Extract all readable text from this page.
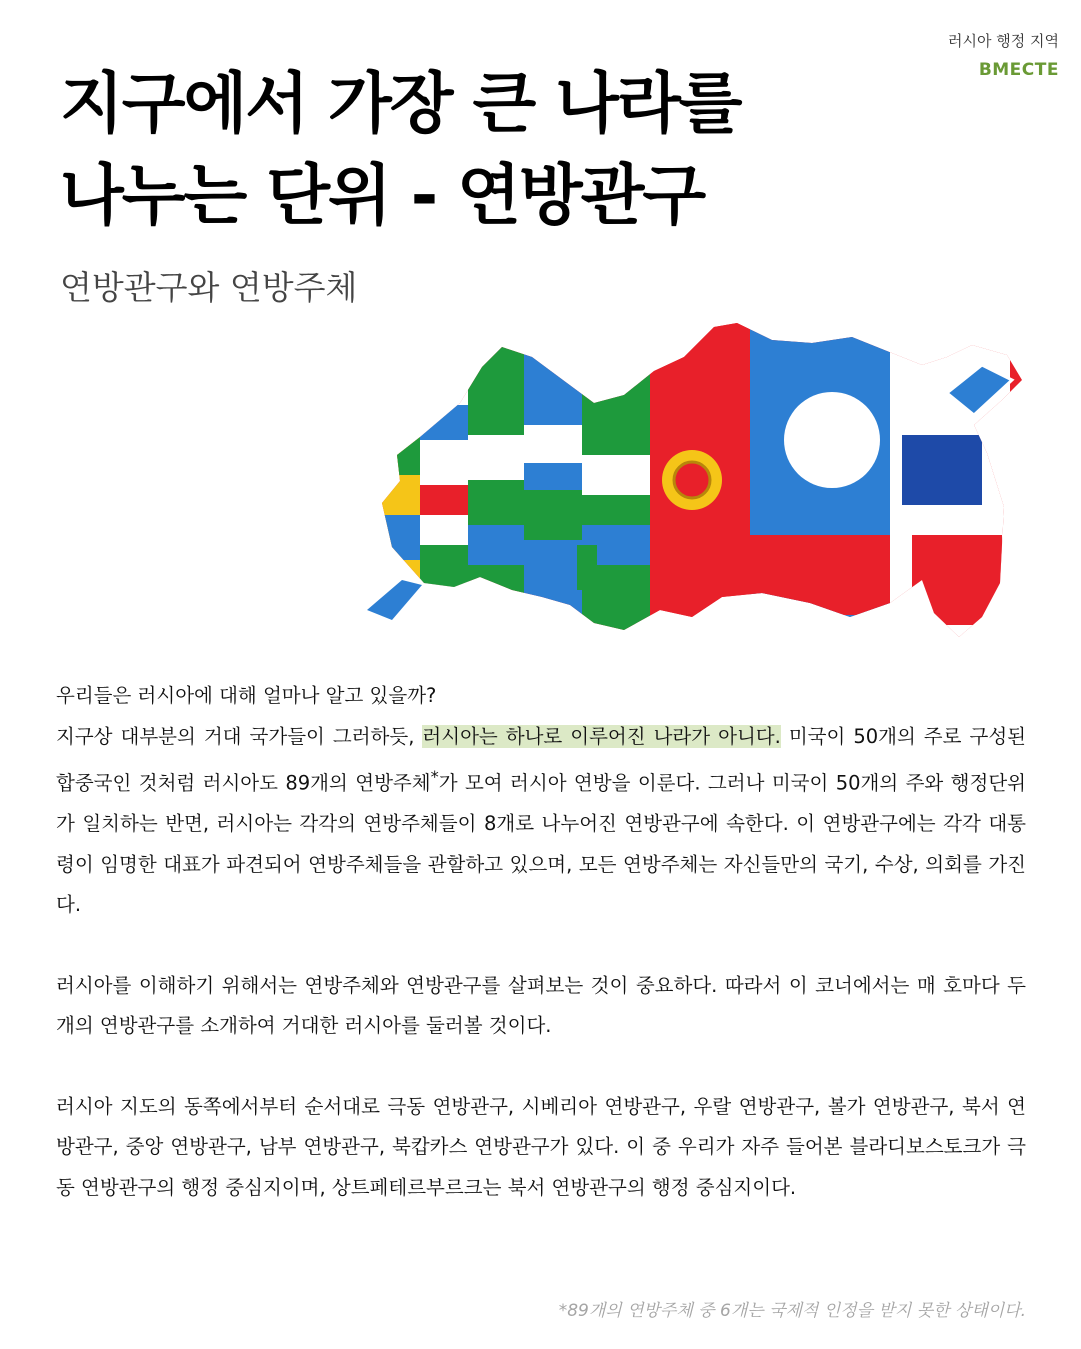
러시아 행정 지역
BMECTE
지구에서 가장 큰 나라를
나누는 단위 - 연방관구
연방관구와 연방주체

우리들은 러시아에 대해 얼마나 알고 있을까?
지구상 대부분의 거대 국가들이 그러하듯, 러시아는 하나로 이루어진 나라가 아니다. 미국이 50개의 주로 구성된 합중국인 것처럼 러시아도 89개의 연방주체*가 모여 러시아 연방을 이룬다. 그러나 미국이 50개의 주와 행정단위가 일치하는 반면, 러시아는 각각의 연방주체들이 8개로 나누어진 연방관구에 속한다. 이 연방관구에는 각각 대통령이 임명한 대표가 파견되어 연방주체들을 관할하고 있으며, 모든 연방주체는 자신들만의 국기, 수상, 의회를 가진다.

러시아를 이해하기 위해서는 연방주체와 연방관구를 살펴보는 것이 중요하다. 따라서 이 코너에서는 매 호마다 두 개의 연방관구를 소개하여 거대한 러시아를 둘러볼 것이다.

러시아 지도의 동쪽에서부터 순서대로 극동 연방관구, 시베리아 연방관구, 우랄 연방관구, 볼가 연방관구, 북서 연방관구, 중앙 연방관구, 남부 연방관구, 북캅카스 연방관구가 있다. 이 중 우리가 자주 들어본 블라디보스토크가 극동 연방관구의 행정 중심지이며, 상트페테르부르크는 북서 연방관구의 행정 중심지이다.

*89개의 연방주체 중 6개는 국제적 인정을 받지 못한 상태이다.
